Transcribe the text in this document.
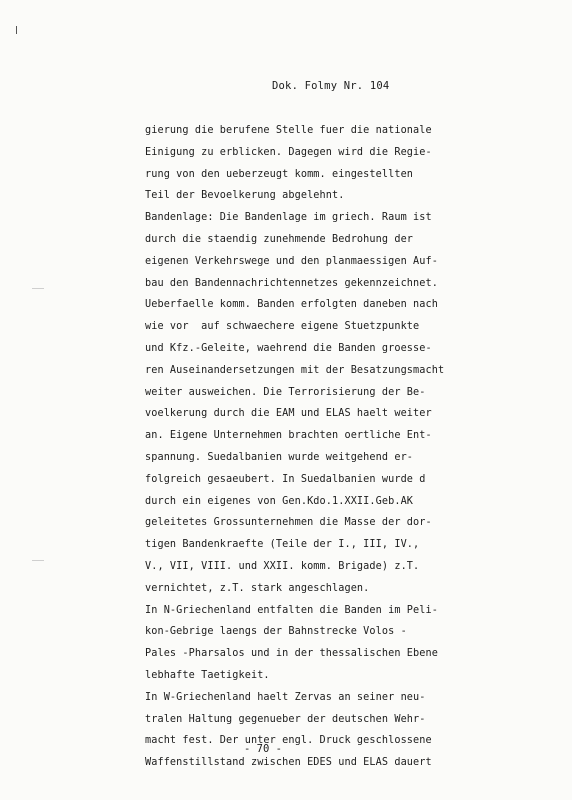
Dok. Folmy Nr. 104
gierung die berufene Stelle fuer die nationale
Einigung zu erblicken. Dagegen wird die Regie-
rung von den ueberzeugt komm. eingestellten
Teil der Bevoelkerung abgelehnt.
Bandenlage: Die Bandenlage im griech. Raum ist
durch die staendig zunehmende Bedrohung der
eigenen Verkehrswege und den planmaessigen Auf-
bau den Bandennachrichtennetzes gekennzeichnet.
Ueberfaelle komm. Banden erfolgten daneben nach
wie vor  auf schwaechere eigene Stuetzpunkte
und Kfz.-Geleite, waehrend die Banden groesse-
ren Auseinandersetzungen mit der Besatzungsmacht
weiter ausweichen. Die Terrorisierung der Be-
voelkerung durch die EAM und ELAS haelt weiter
an. Eigene Unternehmen brachten oertliche Ent-
spannung. Suedalbanien wurde weitgehend er-
folgreich gesaeubert. In Suedalbanien wurde d
durch ein eigenes von Gen.Kdo.1.XXII.Geb.AK
geleitetes Grossunternehmen die Masse der dor-
tigen Bandenkraefte (Teile der I., III, IV.,
V., VII, VIII. und XXII. komm. Brigade) z.T.
vernichtet, z.T. stark angeschlagen.
In N-Griechenland entfalten die Banden im Peli-
kon-Gebrige laengs der Bahnstrecke Volos -
Pales -Pharsalos und in der thessalischen Ebene
lebhafte Taetigkeit.
In W-Griechenland haelt Zervas an seiner neu-
tralen Haltung gegenueber der deutschen Wehr-
macht fest. Der unter engl. Druck geschlossene
Waffenstillstand zwischen EDES und ELAS dauert
- 70 -
